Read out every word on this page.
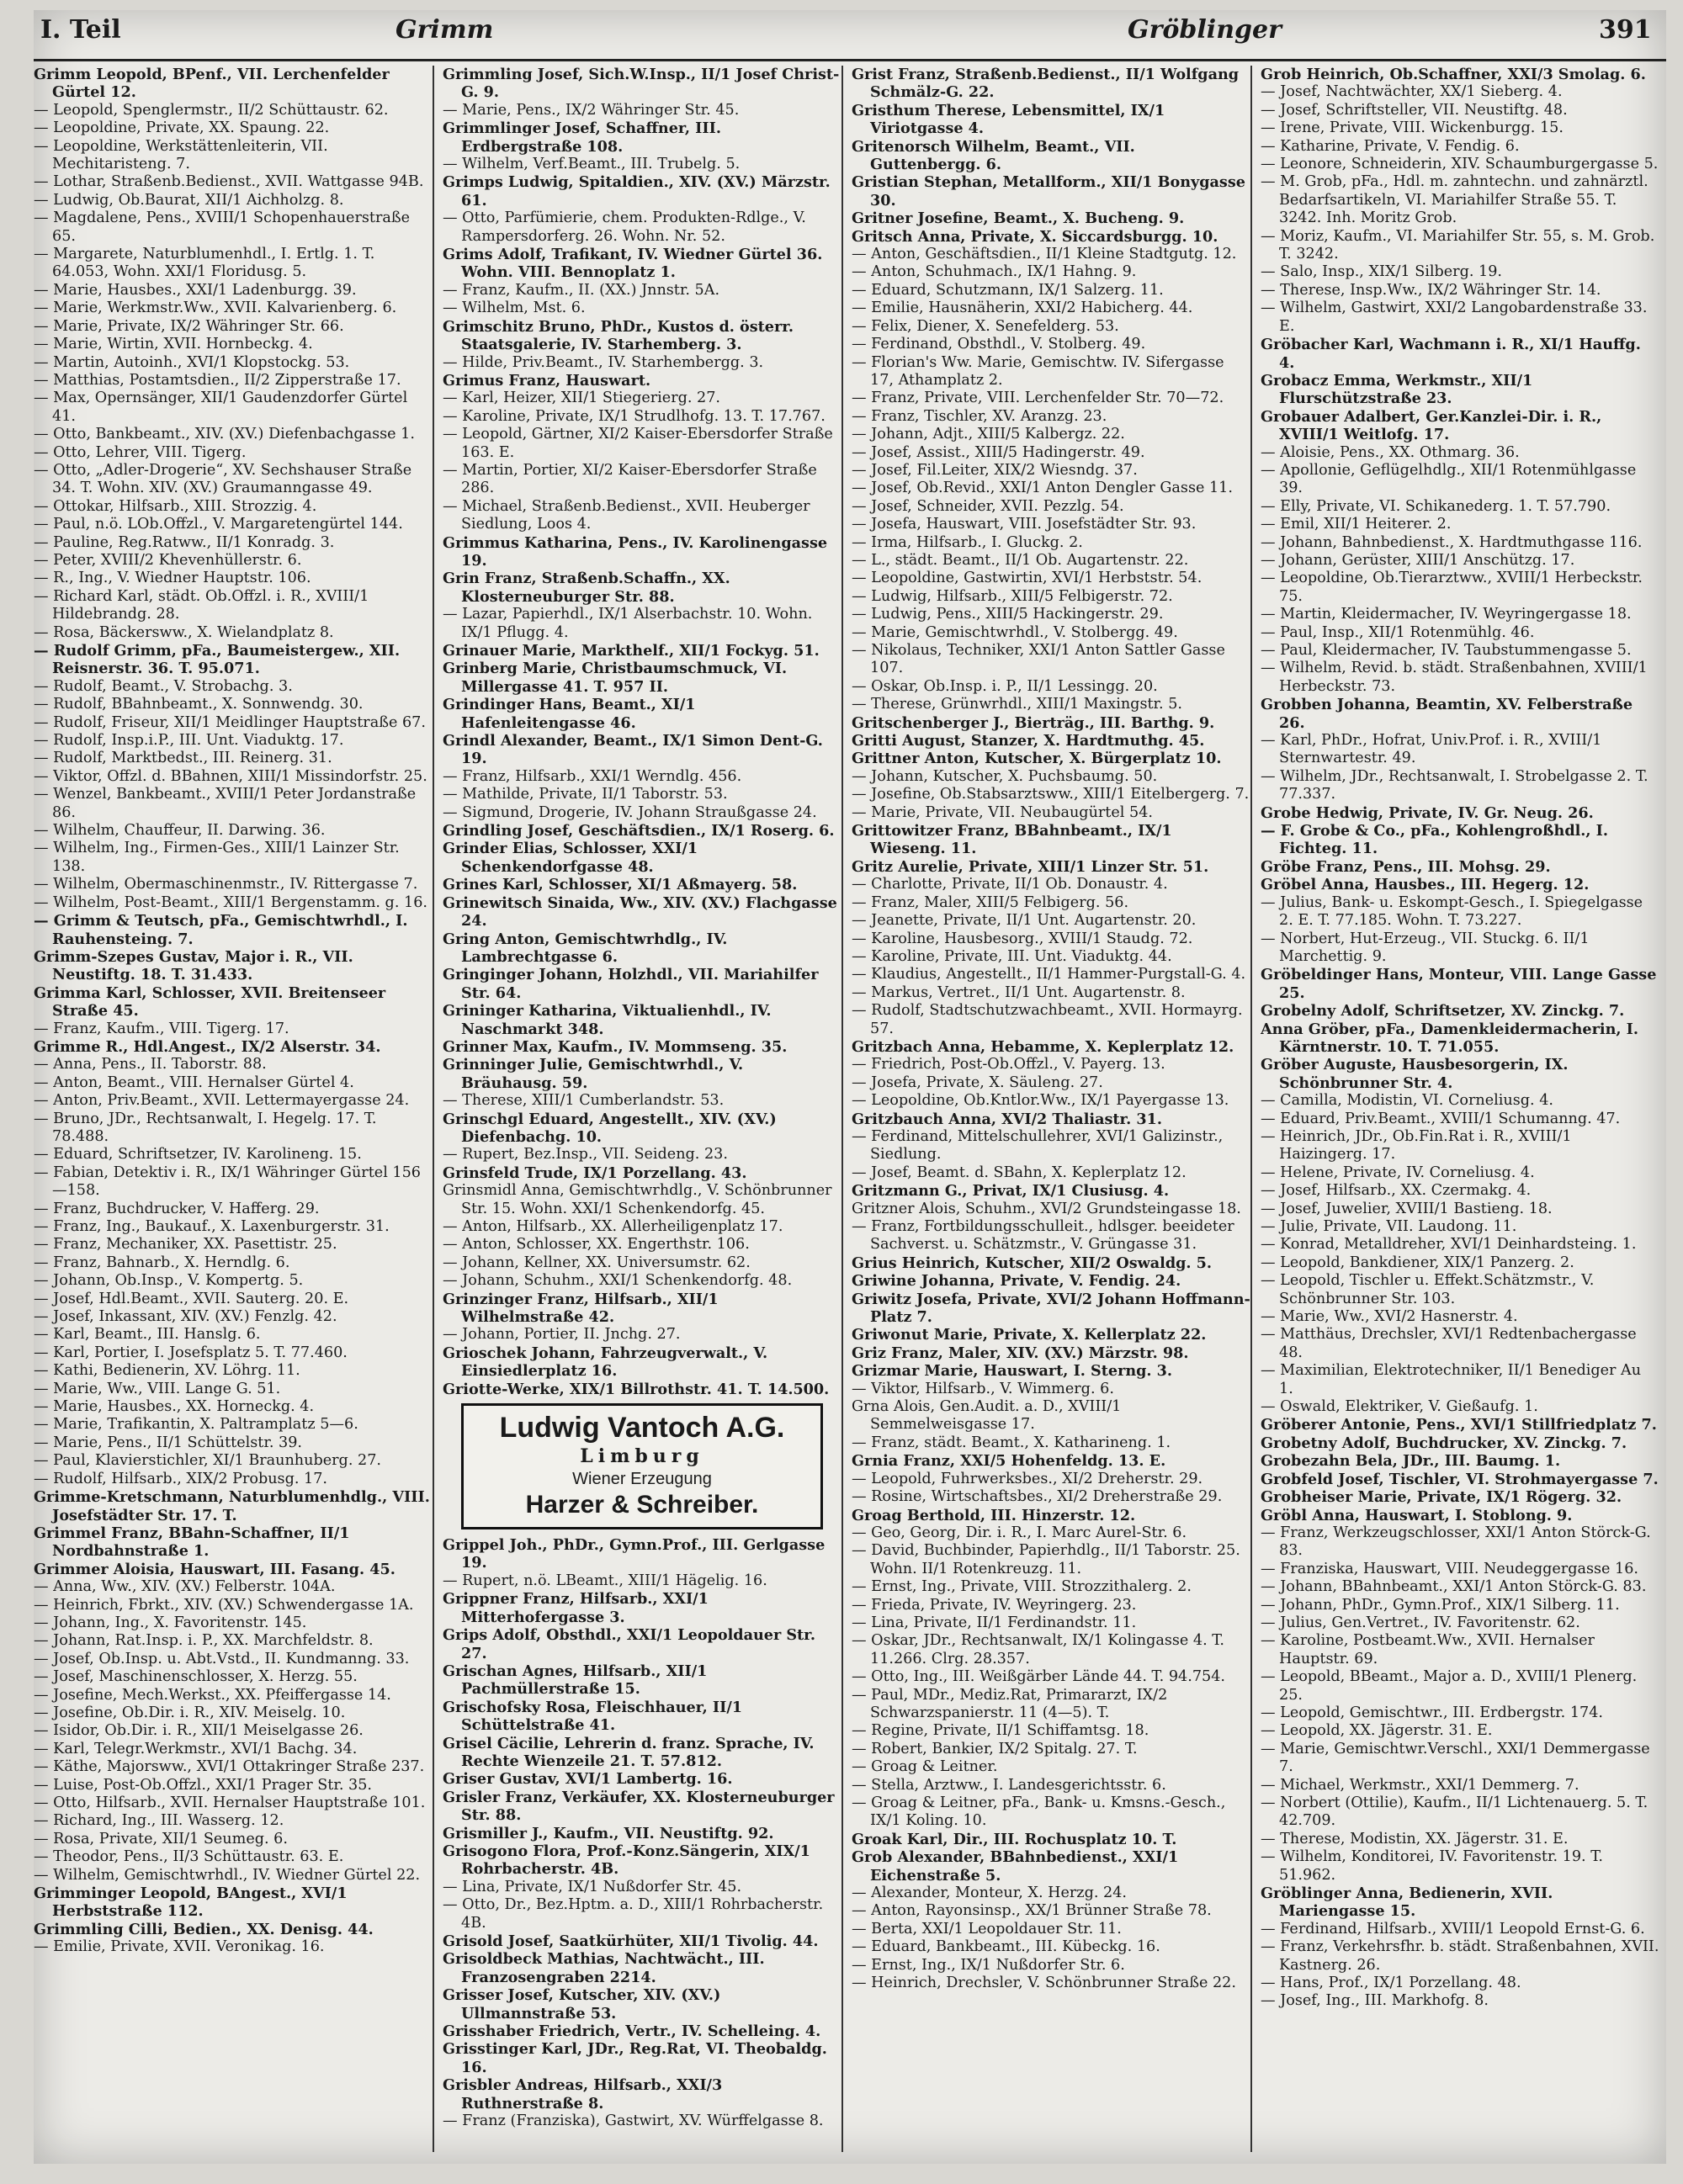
I. Teil	Grimm	Gröblinger	391

Grimm Leopold, BPenf., VII. Lerchenfelder Gürtel 12.

— Leopold, Spenglermstr., II/2 Schüttaustr. 62.

— Leopoldine, Private, XX. Spaung. 22.

— Leopoldine, Werkstättenleiterin, VII. Mechitaristeng. 7.

— Lothar, Straßenb.Bedienst., XVII. Wattgasse 94B.

— Ludwig, Ob.Baurat, XII/1 Aichholzg. 8.

— Magdalene, Pens., XVIII/1 Schopenhauerstraße 65.

— Margarete, Naturblumenhdl., I. Ertlg. 1. T. 64.053, Wohn. XXI/1 Floridusg. 5.

— Marie, Hausbes., XXI/1 Ladenburgg. 39.

— Marie, Werkmstr.Ww., XVII. Kalvarienberg. 6.

— Marie, Private, IX/2 Währinger Str. 66.

— Marie, Wirtin, XVII. Hornbeckg. 4.

— Martin, Autoinh., XVI/1 Klopstockg. 53.

— Matthias, Postamtsdien., II/2 Zipperstraße 17.

— Max, Opernsänger, XII/1 Gaudenzdorfer Gürtel 41.

— Otto, Bankbeamt., XIV. (XV.) Diefenbachgasse 1.

— Otto, Lehrer, VIII. Tigerg.

— Otto, „Adler-Drogerie“, XV. Sechshauser Straße 34. T. Wohn. XIV. (XV.) Graumanngasse 49.

— Ottokar, Hilfsarb., XIII. Strozzig. 4.

— Paul, n.ö. LOb.Offzl., V. Margaretengürtel 144.

— Pauline, Reg.Ratww., II/1 Konradg. 3.

— Peter, XVIII/2 Khevenhüllerstr. 6.

— R., Ing., V. Wiedner Hauptstr. 106.

— Richard Karl, städt. Ob.Offzl. i. R., XVIII/1 Hildebrandg. 28.

— Rosa, Bäckersww., X. Wielandplatz 8.

— Rudolf Grimm, pFa., Baumeistergew., XII. Reisnerstr. 36. T. 95.071.

— Rudolf, Beamt., V. Strobachg. 3.

— Rudolf, BBahnbeamt., X. Sonnwendg. 30.

— Rudolf, Friseur, XII/1 Meidlinger Hauptstraße 67.

— Rudolf, Insp.i.P., III. Unt. Viaduktg. 17.

— Rudolf, Marktbedst., III. Reinerg. 31.

— Viktor, Offzl. d. BBahnen, XIII/1 Missindorfstr. 25.

— Wenzel, Bankbeamt., XVIII/1 Peter Jordanstraße 86.

— Wilhelm, Chauffeur, II. Darwing. 36.

— Wilhelm, Ing., Firmen-Ges., XIII/1 Lainzer Str. 138.

— Wilhelm, Obermaschinenmstr., IV. Rittergasse 7.

— Wilhelm, Post-Beamt., XIII/1 Bergenstamm. g. 16.

— Grimm & Teutsch, pFa., Gemischtwrhdl., I. Rauhensteing. 7.

Grimm-Szepes Gustav, Major i. R., VII. Neustiftg. 18. T. 31.433.

Grimma Karl, Schlosser, XVII. Breitenseer Straße 45.

— Franz, Kaufm., VIII. Tigerg. 17.

Grimme R., Hdl.Angest., IX/2 Alserstr. 34.

— Anna, Pens., II. Taborstr. 88.

— Anton, Beamt., VIII. Hernalser Gürtel 4.

— Anton, Priv.Beamt., XVII. Lettermayergasse 24.

— Bruno, JDr., Rechtsanwalt, I. Hegelg. 17. T. 78.488.

— Eduard, Schriftsetzer, IV. Karolineng. 15.

— Fabian, Detektiv i. R., IX/1 Währinger Gürtel 156—158.

— Franz, Buchdrucker, V. Hafferg. 29.

— Franz, Ing., Baukauf., X. Laxenburgerstr. 31.

— Franz, Mechaniker, XX. Pasettistr. 25.

— Franz, Bahnarb., X. Herndlg. 6.

— Johann, Ob.Insp., V. Kompertg. 5.

— Josef, Hdl.Beamt., XVII. Sauterg. 20. E.

— Josef, Inkassant, XIV. (XV.) Fenzlg. 42.

— Karl, Beamt., III. Hanslg. 6.

— Karl, Portier, I. Josefsplatz 5. T. 77.460.

— Kathi, Bedienerin, XV. Löhrg. 11.

— Marie, Ww., VIII. Lange G. 51.

— Marie, Hausbes., XX. Horneckg. 4.

— Marie, Trafikantin, X. Paltramplatz 5—6.

— Marie, Pens., II/1 Schüttelstr. 39.

— Paul, Klavierstichler, XI/1 Braunhuberg. 27.

— Rudolf, Hilfsarb., XIX/2 Probusg. 17.

Grimme-Kretschmann, Naturblumenhdlg., VIII. Josefstädter Str. 17. T.

Grimmel Franz, BBahn-Schaffner, II/1 Nordbahnstraße 1.

Grimmer Aloisia, Hauswart, III. Fasang. 45.

— Anna, Ww., XIV. (XV.) Felberstr. 104A.

— Heinrich, Fbrkt., XIV. (XV.) Schwendergasse 1A.

— Johann, Ing., X. Favoritenstr. 145.

— Johann, Rat.Insp. i. P., XX. Marchfeldstr. 8.

— Josef, Ob.Insp. u. Abt.Vstd., II. Kundmanng. 33.

— Josef, Maschinenschlosser, X. Herzg. 55.

— Josefine, Mech.Werkst., XX. Pfeiffergasse 14.

— Josefine, Ob.Dir. i. R., XIV. Meiselg. 10.

— Isidor, Ob.Dir. i. R., XII/1 Meiselgasse 26.

— Karl, Telegr.Werkmstr., XVI/1 Bachg. 34.

— Käthe, Majorsww., XVI/1 Ottakringer Straße 237.

— Luise, Post-Ob.Offzl., XXI/1 Prager Str. 35.

— Otto, Hilfsarb., XVII. Hernalser Hauptstraße 101.

— Richard, Ing., III. Wasserg. 12.

— Rosa, Private, XII/1 Seumeg. 6.

— Theodor, Pens., II/3 Schüttaustr. 63. E.

— Wilhelm, Gemischtwrhdl., IV. Wiedner Gürtel 22.

Grimminger Leopold, BAngest., XVI/1 Herbststraße 112.

Grimmling Cilli, Bedien., XX. Denisg. 44.

— Emilie, Private, XVII. Veronikag. 16.

Grimmling Josef, Sich.W.Insp., II/1 Josef Christ-G. 9.

— Marie, Pens., IX/2 Währinger Str. 45.

Grimmlinger Josef, Schaffner, III. Erdbergstraße 108.

— Wilhelm, Verf.Beamt., III. Trubelg. 5.

Grimps Ludwig, Spitaldien., XIV. (XV.) Märzstr. 61.

— Otto, Parfümierie, chem. Produkten-Rdlge., V. Rampersdorferg. 26. Wohn. Nr. 52.

Grims Adolf, Trafikant, IV. Wiedner Gürtel 36. Wohn. VIII. Bennoplatz 1.

— Franz, Kaufm., II. (XX.) Jnnstr. 5A.

— Wilhelm, Mst. 6.

Grimschitz Bruno, PhDr., Kustos d. österr. Staatsgalerie, IV. Starhemberg. 3.

— Hilde, Priv.Beamt., IV. Starhembergg. 3.

Grimus Franz, Hauswart.

— Karl, Heizer, XII/1 Stiegerierg. 27.

— Karoline, Private, IX/1 Strudlhofg. 13. T. 17.767.

— Leopold, Gärtner, XI/2 Kaiser-Ebersdorfer Straße 163. E.

— Martin, Portier, XI/2 Kaiser-Ebersdorfer Straße 286.

— Michael, Straßenb.Bedienst., XVII. Heuberger Siedlung, Loos 4.

Grimmus Katharina, Pens., IV. Karolinengasse 19.

Grin Franz, Straßenb.Schaffn., XX. Klosterneuburger Str. 88.

— Lazar, Papierhdl., IX/1 Alserbachstr. 10. Wohn. IX/1 Pflugg. 4.

Grinauer Marie, Markthelf., XII/1 Fockyg. 51.

Grinberg Marie, Christbaumschmuck, VI. Millergasse 41. T. 957 II.

Grindinger Hans, Beamt., XI/1 Hafenleitengasse 46.

Grindl Alexander, Beamt., IX/1 Simon Dent-G. 19.

— Franz, Hilfsarb., XXI/1 Werndlg. 456.

— Mathilde, Private, II/1 Taborstr. 53.

— Sigmund, Drogerie, IV. Johann Straußgasse 24.

Grindling Josef, Geschäftsdien., IX/1 Roserg. 6.

Grinder Elias, Schlosser, XXI/1 Schenkendorfgasse 48.

Grines Karl, Schlosser, XI/1 Aßmayerg. 58.

Grinewitsch Sinaida, Ww., XIV. (XV.) Flachgasse 24.

Gring Anton, Gemischtwrhdlg., IV. Lambrechtgasse 6.

Gringinger Johann, Holzhdl., VII. Mariahilfer Str. 64.

Grininger Katharina, Viktualienhdl., IV. Naschmarkt 348.

Grinner Max, Kaufm., IV. Mommseng. 35.

Grinninger Julie, Gemischtwrhdl., V. Bräuhausg. 59.

— Therese, XIII/1 Cumberlandstr. 53.

Grinschgl Eduard, Angestellt., XIV. (XV.) Diefenbachg. 10.

— Rupert, Bez.Insp., VII. Seideng. 23.

Grinsfeld Trude, IX/1 Porzellang. 43.

Grinsmidl Anna, Gemischtwrhdlg., V. Schönbrunner Str. 15. Wohn. XXI/1 Schenkendorfg. 45.

— Anton, Hilfsarb., XX. Allerheiligenplatz 17.

— Anton, Schlosser, XX. Engerthstr. 106.

— Johann, Kellner, XX. Universumstr. 62.

— Johann, Schuhm., XXI/1 Schenkendorfg. 48.

Grinzinger Franz, Hilfsarb., XII/1 Wilhelmstraße 42.

— Johann, Portier, II. Jnchg. 27.

Grioschek Johann, Fahrzeugverwalt., V. Einsiedlerplatz 16.

Griotte-Werke, XIX/1 Billrothstr. 41. T. 14.500.

Ludwig Vantoch A.G.
Limburg
Wiener Erzeugung
Harzer & Schreiber.

Grippel Joh., PhDr., Gymn.Prof., III. Gerlgasse 19.

— Rupert, n.ö. LBeamt., XIII/1 Hägelig. 16.

Grippner Franz, Hilfsarb., XXI/1 Mitterhofergasse 3.

Grips Adolf, Obsthdl., XXI/1 Leopoldauer Str. 27.

Grischan Agnes, Hilfsarb., XII/1 Pachmüllerstraße 15.

Grischofsky Rosa, Fleischhauer, II/1 Schüttelstraße 41.

Grisel Cäcilie, Lehrerin d. franz. Sprache, IV. Rechte Wienzeile 21. T. 57.812.

Griser Gustav, XVI/1 Lambertg. 16.

Grisler Franz, Verkäufer, XX. Klosterneuburger Str. 88.

Grismiller J., Kaufm., VII. Neustiftg. 92.

Grisogono Flora, Prof.-Konz.Sängerin, XIX/1 Rohrbacherstr. 4B.

— Lina, Private, IX/1 Nußdorfer Str. 45.

— Otto, Dr., Bez.Hptm. a. D., XIII/1 Rohrbacherstr. 4B.

Grisold Josef, Saatkürhüter, XII/1 Tivolig. 44.

Grisoldbeck Mathias, Nachtwächt., III. Franzosengraben 2214.

Grisser Josef, Kutscher, XIV. (XV.) Ullmannstraße 53.

Grisshaber Friedrich, Vertr., IV. Schelleing. 4.

Grisstinger Karl, JDr., Reg.Rat, VI. Theobaldg. 16.

Grisbler Andreas, Hilfsarb., XXI/3 Ruthnerstraße 8.

— Franz (Franziska), Gastwirt, XV. Würffelgasse 8.

Grist Franz, Straßenb.Bedienst., II/1 Wolfgang Schmälz-G. 22.

Gristhum Therese, Lebensmittel, IX/1 Viriotgasse 4.

Gritenorsch Wilhelm, Beamt., VII. Guttenbergg. 6.

Gristian Stephan, Metallform., XII/1 Bonygasse 30.

Gritner Josefine, Beamt., X. Bucheng. 9.

Gritsch Anna, Private, X. Siccardsburgg. 10.

— Anton, Geschäftsdien., II/1 Kleine Stadtgutg. 12.

— Anton, Schuhmach., IX/1 Hahng. 9.

— Eduard, Schutzmann, IX/1 Salzerg. 11.

— Emilie, Hausnäherin, XXI/2 Habicherg. 44.

— Felix, Diener, X. Senefelderg. 53.

— Ferdinand, Obsthdl., V. Stolberg. 49.

— Florian's Ww. Marie, Gemischtw. IV. Sifergasse 17, Athamplatz 2.

— Franz, Private, VIII. Lerchenfelder Str. 70—72.

— Franz, Tischler, XV. Aranzg. 23.

— Johann, Adjt., XIII/5 Kalbergz. 22.

— Josef, Assist., XIII/5 Hadingerstr. 49.

— Josef, Fil.Leiter, XIX/2 Wiesndg. 37.

— Josef, Ob.Revid., XXI/1 Anton Dengler Gasse 11.

— Josef, Schneider, XVII. Pezzlg. 54.

— Josefa, Hauswart, VIII. Josefstädter Str. 93.

— Irma, Hilfsarb., I. Gluckg. 2.

— L., städt. Beamt., II/1 Ob. Augartenstr. 22.

— Leopoldine, Gastwirtin, XVI/1 Herbststr. 54.

— Ludwig, Hilfsarb., XIII/5 Felbigerstr. 72.

— Ludwig, Pens., XIII/5 Hackingerstr. 29.

— Marie, Gemischtwrhdl., V. Stolbergg. 49.

— Nikolaus, Techniker, XXI/1 Anton Sattler Gasse 107.

— Oskar, Ob.Insp. i. P., II/1 Lessingg. 20.

— Therese, Grünwrhdl., XIII/1 Maxingstr. 5.

Gritschenberger J., Bierträg., III. Barthg. 9.

Gritti August, Stanzer, X. Hardtmuthg. 45.

Grittner Anton, Kutscher, X. Bürgerplatz 10.

— Johann, Kutscher, X. Puchsbaumg. 50.

— Josefine, Ob.Stabsarztsww., XIII/1 Eitelbergerg. 7.

— Marie, Private, VII. Neubaugürtel 54.

Grittowitzer Franz, BBahnbeamt., IX/1 Wieseng. 11.

Gritz Aurelie, Private, XIII/1 Linzer Str. 51.

— Charlotte, Private, II/1 Ob. Donaustr. 4.

— Franz, Maler, XIII/5 Felbigerg. 56.

— Jeanette, Private, II/1 Unt. Augartenstr. 20.

— Karoline, Hausbesorg., XVIII/1 Staudg. 72.

— Karoline, Private, III. Unt. Viaduktg. 44.

— Klaudius, Angestellt., II/1 Hammer-Purgstall-G. 4.

— Markus, Vertret., II/1 Unt. Augartenstr. 8.

— Rudolf, Stadtschutzwachbeamt., XVII. Hormayrg. 57.

Gritzbach Anna, Hebamme, X. Keplerplatz 12.

— Friedrich, Post-Ob.Offzl., V. Payerg. 13.

— Josefa, Private, X. Säuleng. 27.

— Leopoldine, Ob.Kntlor.Ww., IX/1 Payergasse 13.

Gritzbauch Anna, XVI/2 Thaliastr. 31.

— Ferdinand, Mittelschullehrer, XVI/1 Galizinstr., Siedlung.

— Josef, Beamt. d. SBahn, X. Keplerplatz 12.

Gritzmann G., Privat, IX/1 Clusiusg. 4.

Gritzner Alois, Schuhm., XVI/2 Grundsteingasse 18.

— Franz, Fortbildungsschulleit., hdlsger. beeideter Sachverst. u. Schätzmstr., V. Grüngasse 31.

Grius Heinrich, Kutscher, XII/2 Oswaldg. 5.

Griwine Johanna, Private, V. Fendig. 24.

Griwitz Josefa, Private, XVI/2 Johann Hoffmann-Platz 7.

Griwonut Marie, Private, X. Kellerplatz 22.

Griz Franz, Maler, XIV. (XV.) Märzstr. 98.

Grizmar Marie, Hauswart, I. Sterng. 3.

— Viktor, Hilfsarb., V. Wimmerg. 6.

Grna Alois, Gen.Audit. a. D., XVIII/1 Semmelweisgasse 17.

— Franz, städt. Beamt., X. Katharineng. 1.

Grnia Franz, XXI/5 Hohenfeldg. 13. E.

— Leopold, Fuhrwerksbes., XI/2 Dreherstr. 29.

— Rosine, Wirtschaftsbes., XI/2 Dreherstraße 29.

Groag Berthold, III. Hinzerstr. 12.

— Geo, Georg, Dir. i. R., I. Marc Aurel-Str. 6.

— David, Buchbinder, Papierhdlg., II/1 Taborstr. 25. Wohn. II/1 Rotenkreuzg. 11.

— Ernst, Ing., Private, VIII. Strozzithalerg. 2.

— Frieda, Private, IV. Weyringerg. 23.

— Lina, Private, II/1 Ferdinandstr. 11.

— Oskar, JDr., Rechtsanwalt, IX/1 Kolingasse 4. T. 11.266. Clrg. 28.357.

— Otto, Ing., III. Weißgärber Lände 44. T. 94.754.

— Paul, MDr., Mediz.Rat, Primararzt, IX/2 Schwarzspanierstr. 11 (4—5). T.

— Regine, Private, II/1 Schiffamtsg. 18.

— Robert, Bankier, IX/2 Spitalg. 27. T.

— Groag & Leitner.

— Stella, Arztww., I. Landesgerichtsstr. 6.

— Groag & Leitner, pFa., Bank- u. Kmsns.-Gesch., IX/1 Koling. 10.

Groak Karl, Dir., III. Rochusplatz 10. T.

Grob Alexander, BBahnbedienst., XXI/1 Eichenstraße 5.

— Alexander, Monteur, X. Herzg. 24.

— Anton, Rayonsinsp., XX/1 Brünner Straße 78.

— Berta, XXI/1 Leopoldauer Str. 11.

— Eduard, Bankbeamt., III. Kübeckg. 16.

— Ernst, Ing., IX/1 Nußdorfer Str. 6.

— Heinrich, Drechsler, V. Schönbrunner Straße 22.

Grob Heinrich, Ob.Schaffner, XXI/3 Smolag. 6.

— Josef, Nachtwächter, XX/1 Sieberg. 4.

— Josef, Schriftsteller, VII. Neustiftg. 48.

— Irene, Private, VIII. Wickenburgg. 15.

— Katharine, Private, V. Fendig. 6.

— Leonore, Schneiderin, XIV. Schaumburgergasse 5.

— M. Grob, pFa., Hdl. m. zahntechn. und zahnärztl. Bedarfsartikeln, VI. Mariahilfer Straße 55. T. 3242. Inh. Moritz Grob.

— Moriz, Kaufm., VI. Mariahilfer Str. 55, s. M. Grob. T. 3242.

— Salo, Insp., XIX/1 Silberg. 19.

— Therese, Insp.Ww., IX/2 Währinger Str. 14.

— Wilhelm, Gastwirt, XXI/2 Langobardenstraße 33. E.

Gröbacher Karl, Wachmann i. R., XI/1 Hauffg. 4.

Grobacz Emma, Werkmstr., XII/1 Flurschützstraße 23.

Grobauer Adalbert, Ger.Kanzlei-Dir. i. R., XVIII/1 Weitlofg. 17.

— Aloisie, Pens., XX. Othmarg. 36.

— Apollonie, Geflügelhdlg., XII/1 Rotenmühlgasse 39.

— Elly, Private, VI. Schikanederg. 1. T. 57.790.

— Emil, XII/1 Heiterer. 2.

— Johann, Bahnbedienst., X. Hardtmuthgasse 116.

— Johann, Gerüster, XIII/1 Anschützg. 17.

— Leopoldine, Ob.Tierarztww., XVIII/1 Herbeckstr. 75.

— Martin, Kleidermacher, IV. Weyringergasse 18.

— Paul, Insp., XII/1 Rotenmühlg. 46.

— Paul, Kleidermacher, IV. Taubstummengasse 5.

— Wilhelm, Revid. b. städt. Straßenbahnen, XVIII/1 Herbeckstr. 73.

Grobben Johanna, Beamtin, XV. Felberstraße 26.

— Karl, PhDr., Hofrat, Univ.Prof. i. R., XVIII/1 Sternwartestr. 49.

— Wilhelm, JDr., Rechtsanwalt, I. Strobelgasse 2. T. 77.337.

Grobe Hedwig, Private, IV. Gr. Neug. 26.

— F. Grobe & Co., pFa., Kohlengroßhdl., I. Fichteg. 11.

Gröbe Franz, Pens., III. Mohsg. 29.

Gröbel Anna, Hausbes., III. Hegerg. 12.

— Julius, Bank- u. Eskompt-Gesch., I. Spiegelgasse 2. E. T. 77.185. Wohn. T. 73.227.

— Norbert, Hut-Erzeug., VII. Stuckg. 6. II/1 Marchettig. 9.

Gröbeldinger Hans, Monteur, VIII. Lange Gasse 25.

Grobelny Adolf, Schriftsetzer, XV. Zinckg. 7.

Anna Gröber, pFa., Damenkleidermacherin, I. Kärntnerstr. 10. T. 71.055.

Gröber Auguste, Hausbesorgerin, IX. Schönbrunner Str. 4.

— Camilla, Modistin, VI. Corneliusg. 4.

— Eduard, Priv.Beamt., XVIII/1 Schumanng. 47.

— Heinrich, JDr., Ob.Fin.Rat i. R., XVIII/1 Haizingerg. 17.

— Helene, Private, IV. Corneliusg. 4.

— Josef, Hilfsarb., XX. Czermakg. 4.

— Josef, Juwelier, XVIII/1 Bastieng. 18.

— Julie, Private, VII. Laudong. 11.

— Konrad, Metalldreher, XVI/1 Deinhardsteing. 1.

— Leopold, Bankdiener, XIX/1 Panzerg. 2.

— Leopold, Tischler u. Effekt.Schätzmstr., V. Schönbrunner Str. 103.

— Marie, Ww., XVI/2 Hasnerstr. 4.

— Matthäus, Drechsler, XVI/1 Redtenbachergasse 48.

— Maximilian, Elektrotechniker, II/1 Benediger Au 1.

— Oswald, Elektriker, V. Gießaufg. 1.

Gröberer Antonie, Pens., XVI/1 Stillfriedplatz 7.

Grobetny Adolf, Buchdrucker, XV. Zinckg. 7.

Grobezahn Bela, JDr., III. Baumg. 1.

Grobfeld Josef, Tischler, VI. Strohmayergasse 7.

Grobheiser Marie, Private, IX/1 Rögerg. 32.

Gröbl Anna, Hauswart, I. Stoblong. 9.

— Franz, Werkzeugschlosser, XXI/1 Anton Störck-G. 83.

— Franziska, Hauswart, VIII. Neudeggergasse 16.

— Johann, BBahnbeamt., XXI/1 Anton Störck-G. 83.

— Johann, PhDr., Gymn.Prof., XIX/1 Silberg. 11.

— Julius, Gen.Vertret., IV. Favoritenstr. 62.

— Karoline, Postbeamt.Ww., XVII. Hernalser Hauptstr. 69.

— Leopold, BBeamt., Major a. D., XVIII/1 Plenerg. 25.

— Leopold, Gemischtwr., III. Erdbergstr. 174.

— Leopold, XX. Jägerstr. 31. E.

— Marie, Gemischtwr.Verschl., XXI/1 Demmergasse 7.

— Michael, Werkmstr., XXI/1 Demmerg. 7.

— Norbert (Ottilie), Kaufm., II/1 Lichtenauerg. 5. T. 42.709.

— Therese, Modistin, XX. Jägerstr. 31. E.

— Wilhelm, Konditorei, IV. Favoritenstr. 19. T. 51.962.

Gröblinger Anna, Bedienerin, XVII. Mariengasse 15.

— Ferdinand, Hilfsarb., XVIII/1 Leopold Ernst-G. 6.

— Franz, Verkehrsfhr. b. städt. Straßenbahnen, XVII. Kastnerg. 26.

— Hans, Prof., IX/1 Porzellang. 48.

— Josef, Ing., III. Markhofg. 8.
